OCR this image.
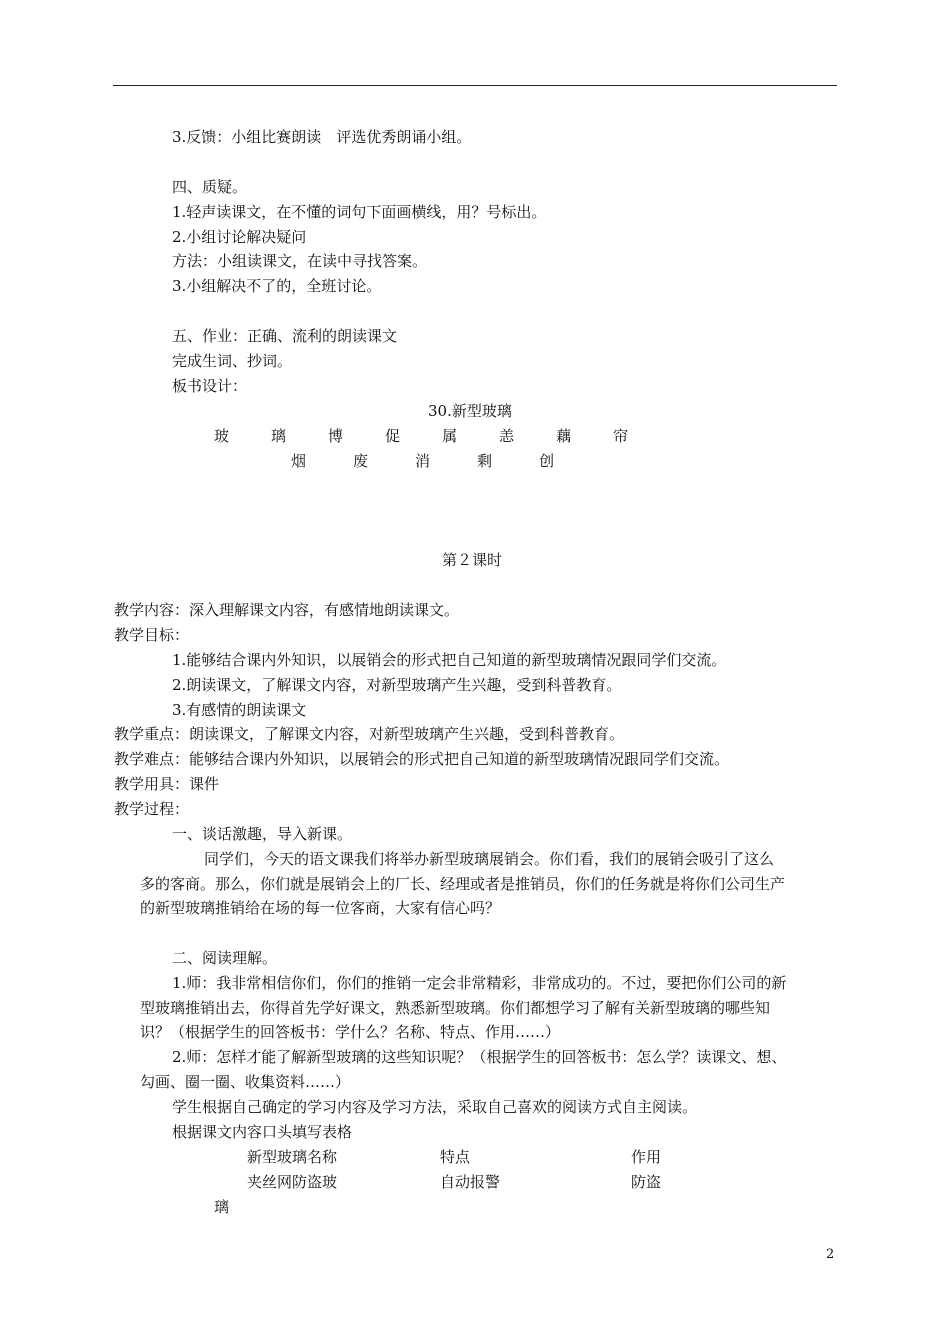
3.反馈：小组比赛朗读　评选优秀朗诵小组。
四、质疑。
1.轻声读课文，在不懂的词句下面画横线，用？号标出。
2.小组讨论解决疑问
方法：小组读课文，在读中寻找答案。
3.小组解决不了的，全班讨论。
五、作业：正确、流利的朗读课文
完成生词、抄词。
板书设计：
30.新型玻璃
玻	璃	博	促	属	恙	藕	帘
烟	废	消	剩	创
第２课时
教学内容：深入理解课文内容，有感情地朗读课文。
教学目标：
1.能够结合课内外知识，以展销会的形式把自己知道的新型玻璃情况跟同学们交流。
2.朗读课文，了解课文内容，对新型玻璃产生兴趣，受到科普教育。
3.有感情的朗读课文
教学重点：朗读课文，了解课文内容，对新型玻璃产生兴趣，受到科普教育。
教学难点：能够结合课内外知识，以展销会的形式把自己知道的新型玻璃情况跟同学们交流。
教学用具：课件
教学过程：
一、谈话激趣，导入新课。
同学们，今天的语文课我们将举办新型玻璃展销会。你们看，我们的展销会吸引了这么
多的客商。那么，你们就是展销会上的厂长、经理或者是推销员，你们的任务就是将你们公司生产
的新型玻璃推销给在场的每一位客商，大家有信心吗？
二、阅读理解。
1.师：我非常相信你们，你们的推销一定会非常精彩，非常成功的。不过，要把你们公司的新
型玻璃推销出去，你得首先学好课文，熟悉新型玻璃。你们都想学习了解有关新型玻璃的哪些知
识？（根据学生的回答板书：学什么？名称、特点、作用……）
2.师：怎样才能了解新型玻璃的这些知识呢？（根据学生的回答板书：怎么学？读课文、想、
勾画、圈一圈、收集资料……）
学生根据自己确定的学习内容及学习方法，采取自己喜欢的阅读方式自主阅读。
根据课文内容口头填写表格
新型玻璃名称	特点	作用
夹丝网防盗玻	自动报警	防盗
璃
2
